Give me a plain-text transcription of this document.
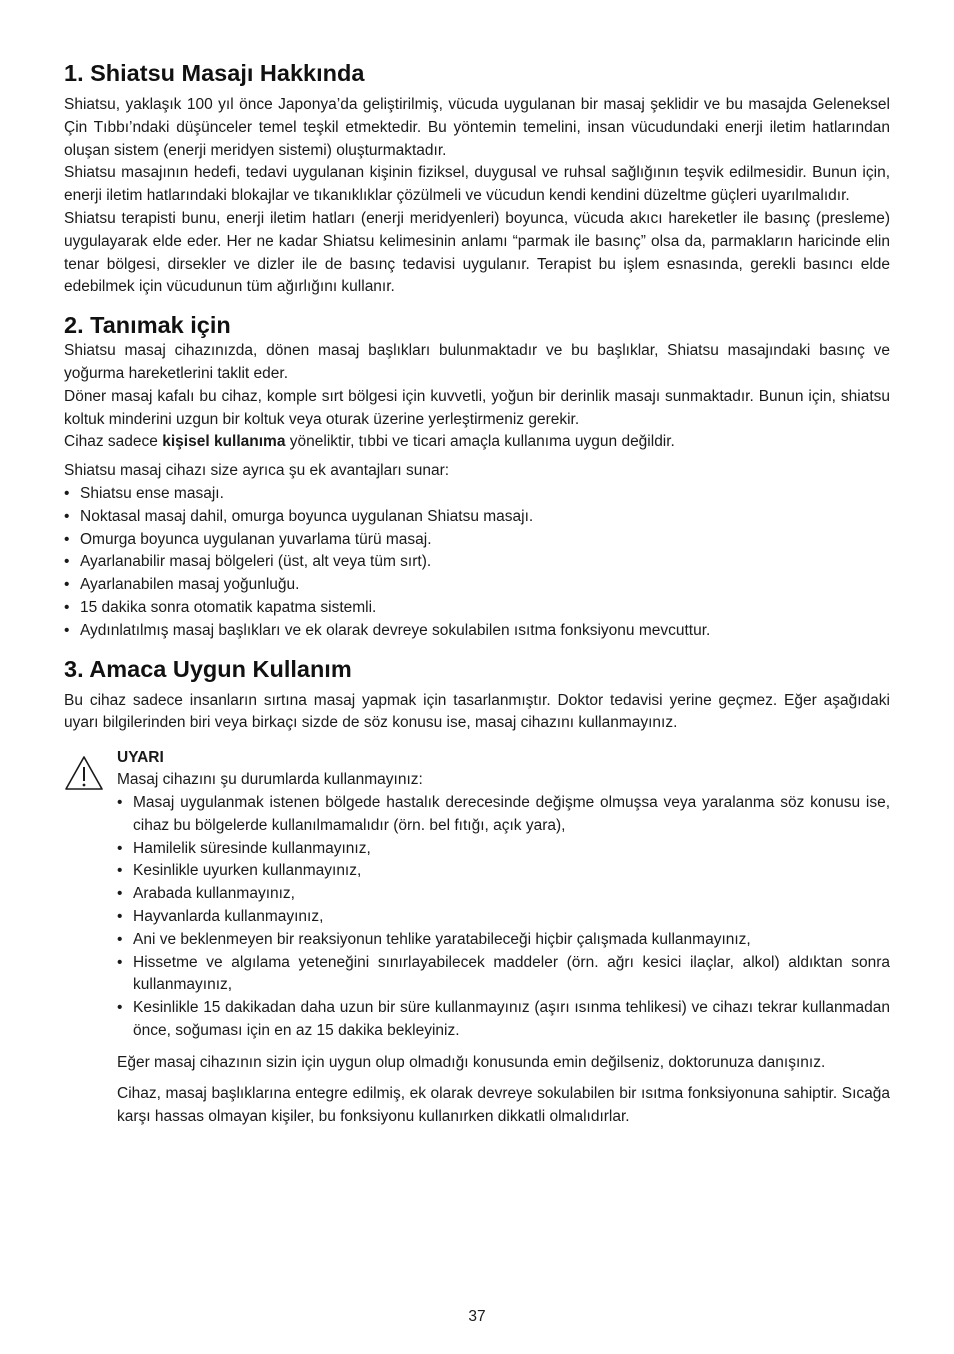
1. Shiatsu Masajı Hakkında

Shiatsu, yaklaşık 100 yıl önce Japonya’da geliştirilmiş, vücuda uygulanan bir masaj şeklidir ve bu masajda Geleneksel Çin Tıbbı’ndaki düşünceler temel teşkil etmektedir. Bu yöntemin temelini, insan vücudundaki enerji iletim hatlarından oluşan sistem (enerji meridyen sistemi) oluşturmaktadır.

Shiatsu masajının hedefi, tedavi uygulanan kişinin fiziksel, duygusal ve ruhsal sağlığının teşvik edilmesidir. Bunun için, enerji iletim hatlarındaki blokajlar ve tıkanıklıklar çözülmeli ve vücudun kendi kendini düzeltme güçleri uyarılmalıdır.

Shiatsu terapisti bunu, enerji iletim hatları (enerji meridyenleri) boyunca, vücuda akıcı hareketler ile basınç (presleme) uygulayarak elde eder. Her ne kadar Shiatsu kelimesinin anlamı “parmak ile basınç” olsa da, parmakların haricinde elin tenar bölgesi, dirsekler ve dizler ile de basınç tedavisi uygulanır. Terapist bu işlem esnasında, gerekli basıncı elde edebilmek için vücudunun tüm ağırlığını kullanır.

2. Tanımak için

Shiatsu masaj cihazınızda, dönen masaj başlıkları bulunmaktadır ve bu başlıklar, Shiatsu masajındaki basınç ve yoğurma hareketlerini taklit eder.

Döner masaj kafalı bu cihaz, komple sırt bölgesi için kuvvetli, yoğun bir derinlik masajı sunmaktadır. Bunun için, shiatsu koltuk minderini uzgun bir koltuk veya oturak üzerine yerleştirmeniz gerekir.

Cihaz sadece kişisel kullanıma yöneliktir, tıbbi ve ticari amaçla kullanıma uygun değildir.

Shiatsu masaj cihazı size ayrıca şu ek avantajları sunar:

• Shiatsu ense masajı.
• Noktasal masaj dahil, omurga boyunca uygulanan Shiatsu masajı.
• Omurga boyunca uygulanan yuvarlama türü masaj.
• Ayarlanabilir masaj bölgeleri (üst, alt veya tüm sırt).
• Ayarlanabilen masaj yoğunluğu.
• 15 dakika sonra otomatik kapatma sistemli.
• Aydınlatılmış masaj başlıkları ve ek olarak devreye sokulabilen ısıtma fonksiyonu mevcuttur.
3. Amaca Uygun Kullanım

Bu cihaz sadece insanların sırtına masaj yapmak için tasarlanmıştır. Doktor tedavisi yerine geçmez. Eğer aşağıdaki uyarı bilgilerinden biri veya birkaçı sizde de söz konusu ise, masaj cihazını kullanmayınız.

UYARI

Masaj cihazını şu durumlarda kullanmayınız:

• Masaj uygulanmak istenen bölgede hastalık derecesinde değişme olmuşsa veya yaralanma söz konusu ise, cihaz bu bölgelerde kullanılmamalıdır (örn. bel fıtığı, açık yara),
• Hamilelik süresinde kullanmayınız,
• Kesinlikle uyurken kullanmayınız,
• Arabada kullanmayınız,
• Hayvanlarda kullanmayınız,
• Ani ve beklenmeyen bir reaksiyonun tehlike yaratabileceği hiçbir çalışmada kullanmayınız,
• Hissetme ve algılama yeteneğini sınırlayabilecek maddeler (örn. ağrı kesici ilaçlar, alkol) aldıktan sonra kullanmayınız,
• Kesinlikle 15 dakikadan daha uzun bir süre kullanmayınız (aşırı ısınma tehlikesi) ve cihazı tekrar kullanmadan önce, soğuması için en az 15 dakika bekleyiniz.

Eğer masaj cihazının sizin için uygun olup olmadığı konusunda emin değilseniz, doktorunuza danışınız.

Cihaz, masaj başlıklarına entegre edilmiş, ek olarak devreye sokulabilen bir ısıtma fonksiyonuna sahiptir. Sıcağa karşı hassas olmayan kişiler, bu fonksiyonu kullanırken dikkatli olmalıdırlar.

37
